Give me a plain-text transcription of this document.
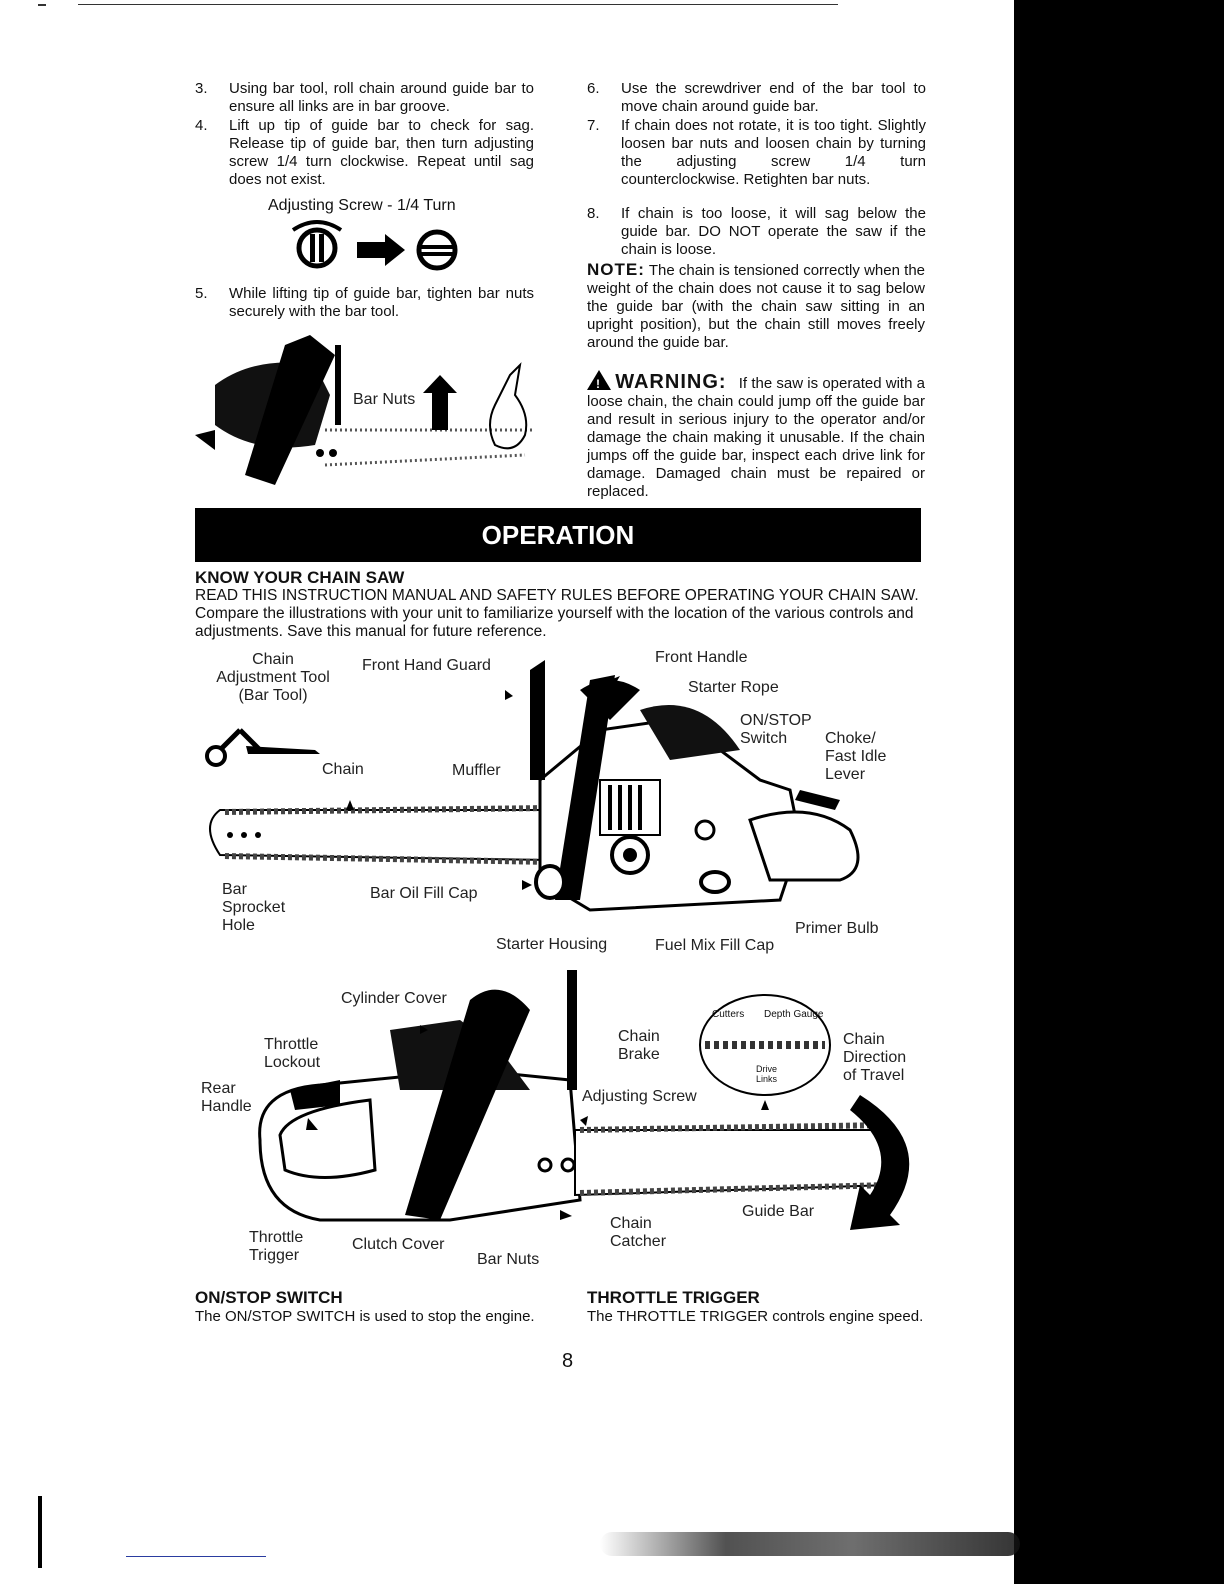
3. Using bar tool, roll chain around guide bar to ensure all links are in bar groove.
4. Lift up tip of guide bar to check for sag. Release tip of guide bar, then turn adjusting screw 1/4 turn clockwise. Repeat until sag does not exist.
Adjusting Screw - 1/4 Turn
5. While lifting tip of guide bar, tighten bar nuts securely with the bar tool.
Bar Nuts
6. Use the screwdriver end of the bar tool to move chain around guide bar.
7. If chain does not rotate, it is too tight. Slightly loosen bar nuts and loosen chain by turning the adjusting screw 1/4 turn counterclockwise. Retighten bar nuts.
8. If chain is too loose, it will sag below the guide bar. DO NOT operate the saw if the chain is loose.
NOTE: The chain is tensioned correctly when the weight of the chain does not cause it to sag below the guide bar (with the chain saw sitting in an upright position), but the chain still moves freely around the guide bar.
! WARNING: If the saw is operated with a loose chain, the chain could jump off the guide bar and result in serious injury to the operator and/or damage the chain making it unusable. If the chain jumps off the guide bar, inspect each drive link for damage. Damaged chain must be repaired or replaced.
OPERATION
KNOW YOUR CHAIN SAW
READ THIS INSTRUCTION MANUAL AND SAFETY RULES BEFORE OPERATING YOUR CHAIN SAW. Compare the illustrations with your unit to familiarize yourself with the location of the various controls and adjustments. Save this manual for future reference.
Chain
Adjustment Tool
(Bar Tool)
Front Hand Guard	Front Handle
Starter Rope
ON/STOP
Switch	Choke/
Fast Idle
Lever
Chain	Muffler
Bar
Sprocket
Hole
Bar Oil Fill Cap
Primer Bulb
Starter Housing	Fuel Mix Fill Cap
Cylinder Cover
Throttle
Lockout
Rear
Handle
Chain
Brake
Cutters Depth Gauge
Drive
Links
Chain
Direction
of Travel
Adjusting Screw
Guide Bar
Chain
Catcher
Throttle
Trigger
Clutch Cover
Bar Nuts
ON/STOP SWITCH
The ON/STOP SWITCH is used to stop the engine.
THROTTLE TRIGGER
The THROTTLE TRIGGER controls engine speed.
8
